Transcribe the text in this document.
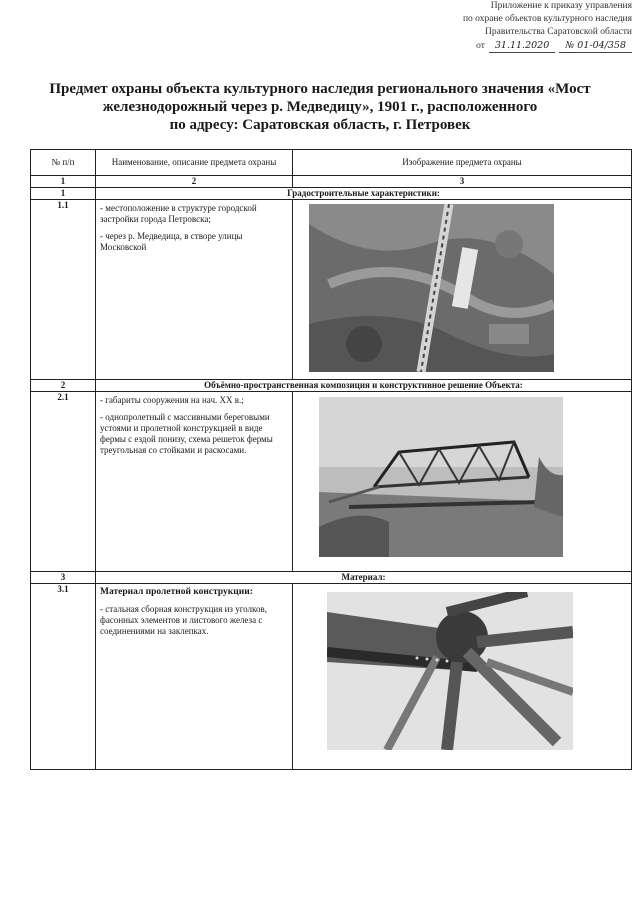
Приложение к приказу управления
по охране объектов культурного наследия
Правительства Саратовской области
от	31.11.2020	№ 01-04/358
Предмет охраны объекта культурного наследия регионального значения «Мост
железнодорожный через р. Медведицу», 1901 г., расположенного
по адресу: Саратовская область, г. Петровек
№ п/п	Наименование, описание предмета охраны	Изображение предмета охраны
1	2	3
1	Градостроительные характеристики:	
1.1	- местоположение в структуре городской застройки города Петровска;

- через р. Медведица, в створе улицы Московской

2	Объёмно-пространственная композиция и конструктивное решение Объекта:	
2.1	- габариты сооружения на нач. XX в.;

- однопролетный с массивными береговыми устоями и пролетной конструкцией в виде фермы с ездой понизу, схема решеток фермы треугольная со стойками и раскосами.

3	Материал:	
3.1	Материал пролетной конструкции:

- стальная сборная конструкция из уголков, фасонных элементов и листового железа с соединениями на заклепках.
